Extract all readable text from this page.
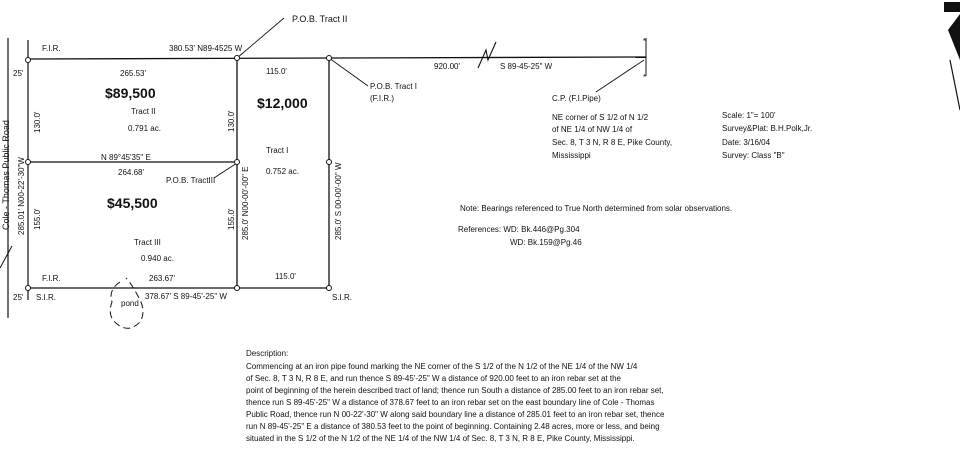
*
*
Cole - Thomas Public Road
25'
25'
F.I.R.
F.I.R.
S.I.R.	S.I.R.
P.O.B. Tract II
P.O.B. Tract I
(F.I.R.)
P.O.B. TractIII
pond
C.P. (F.I.Pipe)
380.53' N89-4525 W
265.53'	115.0'
920.00'	S 89-45-25" W
N 89°45'35" E
264.68'
263.67'	115.0'
378.67' S 89-45'-25" W
285.01' N00-22'-30"W
130.0'
155.0'
130.0'
155.0' 285.0' N00-00'-00" E	285.0' S 00-00'-00" W
$89,500
Tract II
0.791 ac.
$12,000
Tract I
0.752 ac.
$45,500
Tract III
0.940 ac.
NE corner of S 1/2 of N 1/2
of NE 1/4 of NW 1/4 of
Sec. 8, T 3 N, R 8 E, Pike County,
Mississippi
Scale: 1"= 100'
Survey&Plat: B.H.Polk,Jr.
Date: 3/16/04
Survey: Class "B"
Note: Bearings referenced to True North determined from solar observations.
References: WD: Bk.446@Pg.304
WD: Bk.159@Pg.46

Description:

Commencing at an iron pipe found marking the NE corner of the S 1/2 of the N 1/2 of the NE 1/4 of the NW 1/4

of Sec. 8, T 3 N, R 8 E, and run thence S 89-45'-25" W a distance of 920.00 feet to an iron rebar set at the

point of beginning of the herein described tract of land; thence run South a distance of 285.00 feet to an iron rebar set,

thence run S 89-45'-25" W a distance of 378.67 feet to an iron rebar set on the east boundary line of Cole - Thomas

Public Road, thence run N 00-22'-30" W along said boundary line a distance of 285.01 feet to an iron rebar set, thence

run N 89-45'-25" E a distance of 380.53 feet to the point of beginning. Containing 2.48 acres, more or less, and being

situated in the S 1/2 of the N 1/2 of the NE 1/4 of the NW 1/4 of Sec. 8, T 3 N, R 8 E, Pike County, Mississippi.
